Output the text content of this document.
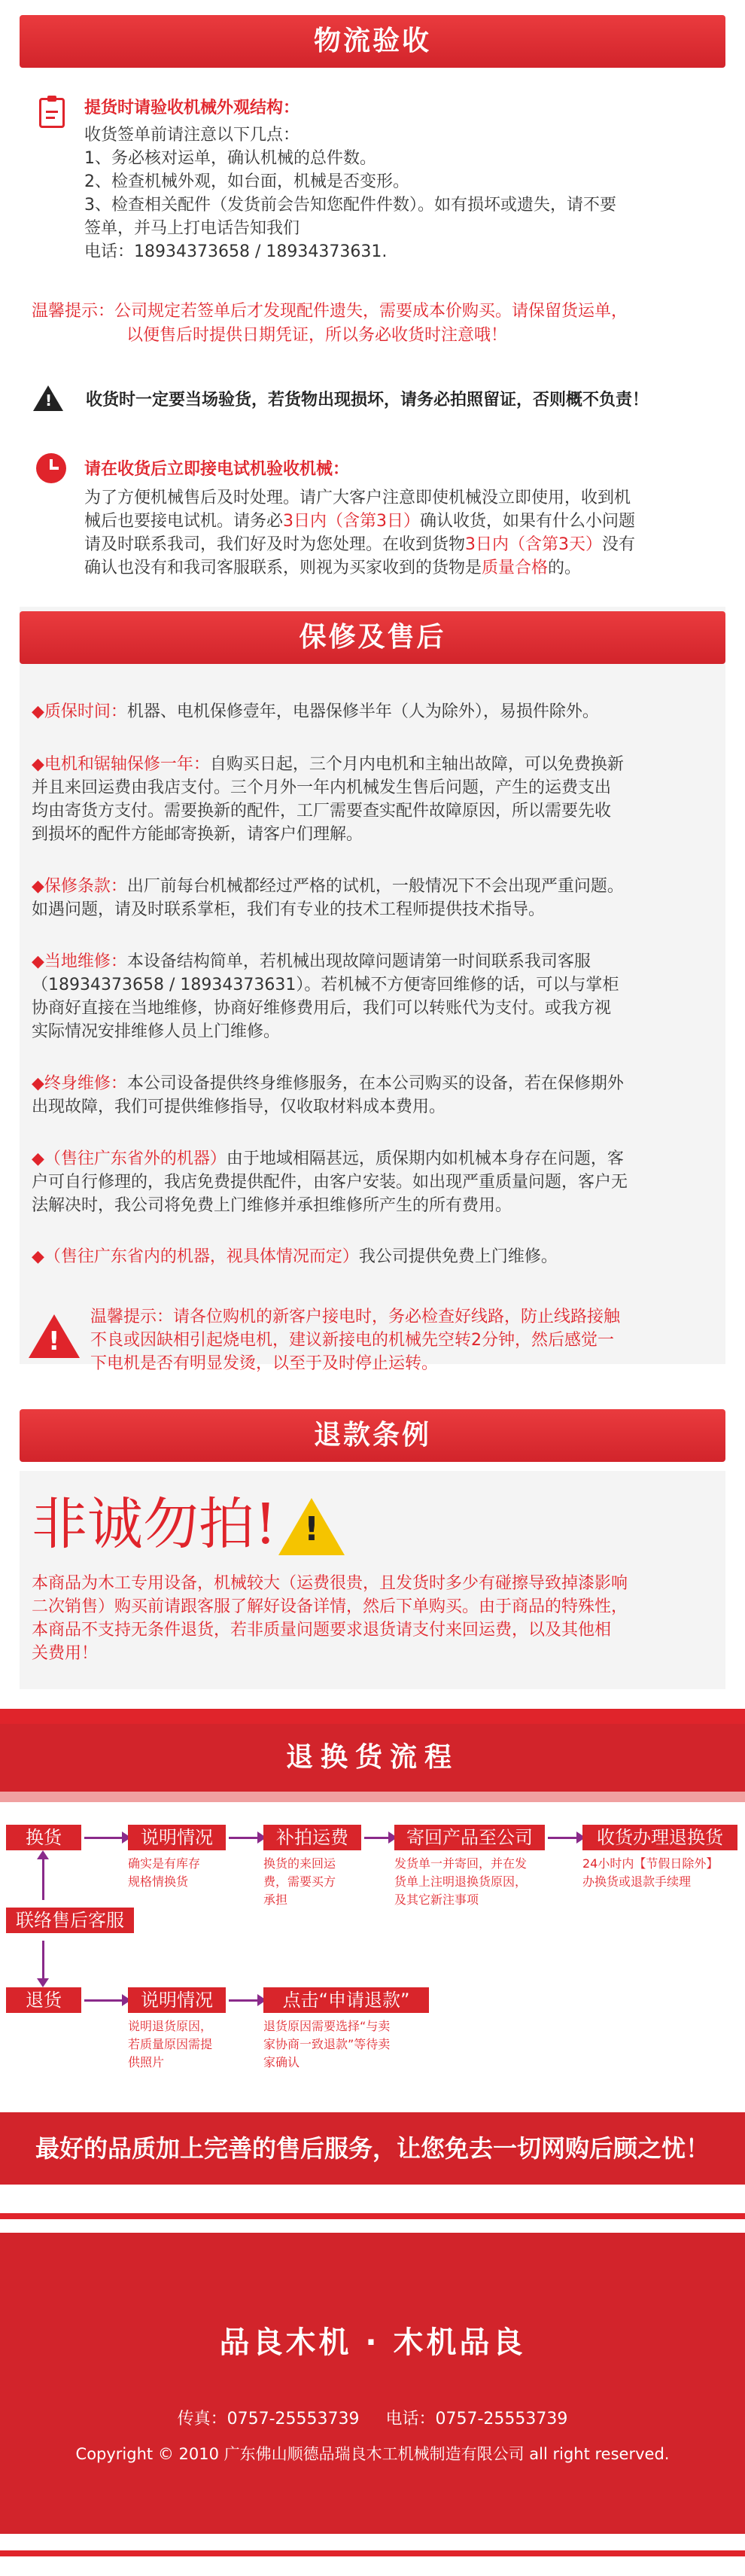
物流验收
提货时请验收机械外观结构：
收货签单前请注意以下几点：
1、务必核对运单，确认机械的总件数。
2、检查机械外观，如台面，机械是否变形。
3、检查相关配件（发货前会告知您配件件数）。如有损坏或遗失，请不要
签单，并马上打电话告知我们
电话：18934373658 / 18934373631.
温馨提示：公司规定若签单后才发现配件遗失，需要成本价购买。请保留货运单，
以便售后时提供日期凭证，所以务必收货时注意哦！
! 收货时一定要当场验货，若货物出现损坏，请务必拍照留证，否则概不负责！
请在收货后立即接电试机验收机械：
为了方便机械售后及时处理。请广大客户注意即使机械没立即使用，收到机
械后也要接电试机。请务必3日内（含第3日）确认收货，如果有什么小问题
请及时联系我司，我们好及时为您处理。在收到货物3日内（含第3天）没有
确认也没有和我司客服联系，则视为买家收到的货物是质量合格的。
保修及售后
◆质保时间：机器、电机保修壹年，电器保修半年（人为除外），易损件除外。
◆电机和锯轴保修一年：自购买日起，三个月内电机和主轴出故障，可以免费换新
并且来回运费由我店支付。三个月外一年内机械发生售后问题，产生的运费支出
均由寄货方支付。需要换新的配件，工厂需要查实配件故障原因，所以需要先收
到损坏的配件方能邮寄换新，请客户们理解。
◆保修条款：出厂前每台机械都经过严格的试机，一般情况下不会出现严重问题。
如遇问题，请及时联系掌柜，我们有专业的技术工程师提供技术指导。
◆当地维修：本设备结构简单，若机械出现故障问题请第一时间联系我司客服
（18934373658 / 18934373631）。若机械不方便寄回维修的话，可以与掌柜
协商好直接在当地维修，协商好维修费用后，我们可以转账代为支付。或我方视
实际情况安排维修人员上门维修。
◆终身维修：本公司设备提供终身维修服务，在本公司购买的设备，若在保修期外
出现故障，我们可提供维修指导，仅收取材料成本费用。
◆（售往广东省外的机器）由于地域相隔甚远，质保期内如机械本身存在问题，客
户可自行修理的，我店免费提供配件，由客户安装。如出现严重质量问题，客户无
法解决时，我公司将免费上门维修并承担维修所产生的所有费用。
◆（售往广东省内的机器，视具体情况而定）我公司提供免费上门维修。
!
温馨提示：请各位购机的新客户接电时，务必检查好线路，防止线路接触
不良或因缺相引起烧电机，建议新接电的机械先空转2分钟，然后感觉一
下电机是否有明显发烫，以至于及时停止运转。
退款条例
非诚勿拍! !
本商品为木工专用设备，机械较大（运费很贵，且发货时多少有碰擦导致掉漆影响
二次销售）购买前请跟客服了解好设备详情，然后下单购买。由于商品的特殊性，
本商品不支持无条件退货，若非质量问题要求退货请支付来回运费，以及其他相
关费用！
退换货流程
换货	说明情况
确实是有库存
规格情换货
补拍运费
换货的来回运
费，需要买方
承担
寄回产品至公司
发货单一并寄回，并在发
货单上注明退换货原因，
及其它新注事项
收货办理退换货
24小时内【节假日除外】
办换货或退款手续理
联络售后客服
退货	说明情况
说明退货原因，
若质量原因需提
供照片
点击“申请退款”
退货原因需要选择“与卖
家协商一致退款”等待卖
家确认
最好的品质加上完善的售后服务，让您免去一切网购后顾之忧！
品良木机 · 木机品良
传真：0757-25553739     电话：0757-25553739
Copyright © 2010 广东佛山顺德品瑞良木工机械制造有限公司 all right reserved.
